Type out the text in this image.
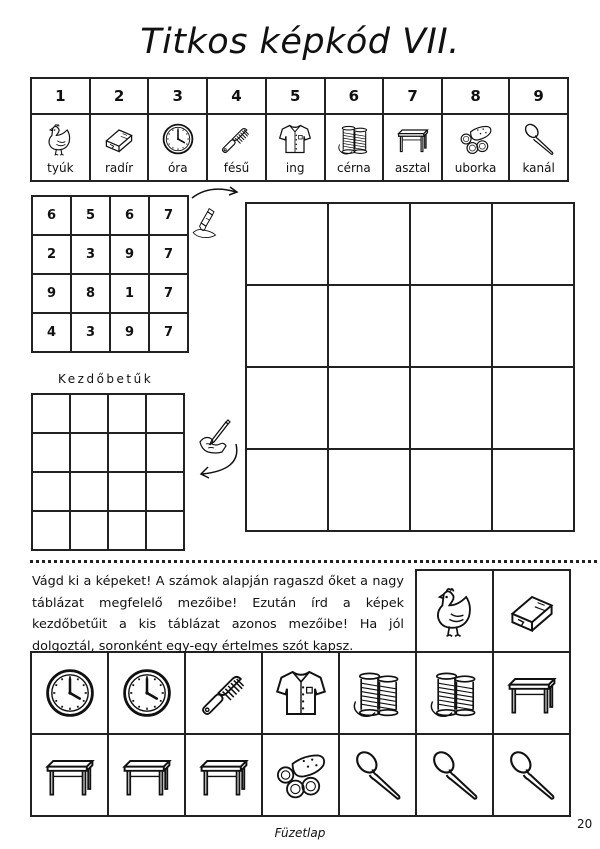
Titkos képkód VII.
1	2	3	4	5	6	7	8	9

tyúk	radír	óra	fésű	ing	cérna	asztal	uborka	kanál
6	5	6	7
2	3	9	7
9	8	1	7
4	3	9	7

Kezdőbetűk

Vágd ki a képeket! A számok alapján ragaszd őket a nagy táblázat megfelelő mezőibe! Ezután írd a képek kezdőbetűit a kis táblázat azonos mezőibe! Ha jól dolgoztál, soronként egy-egy értelmes szót kapsz.
Füzetlap
20
